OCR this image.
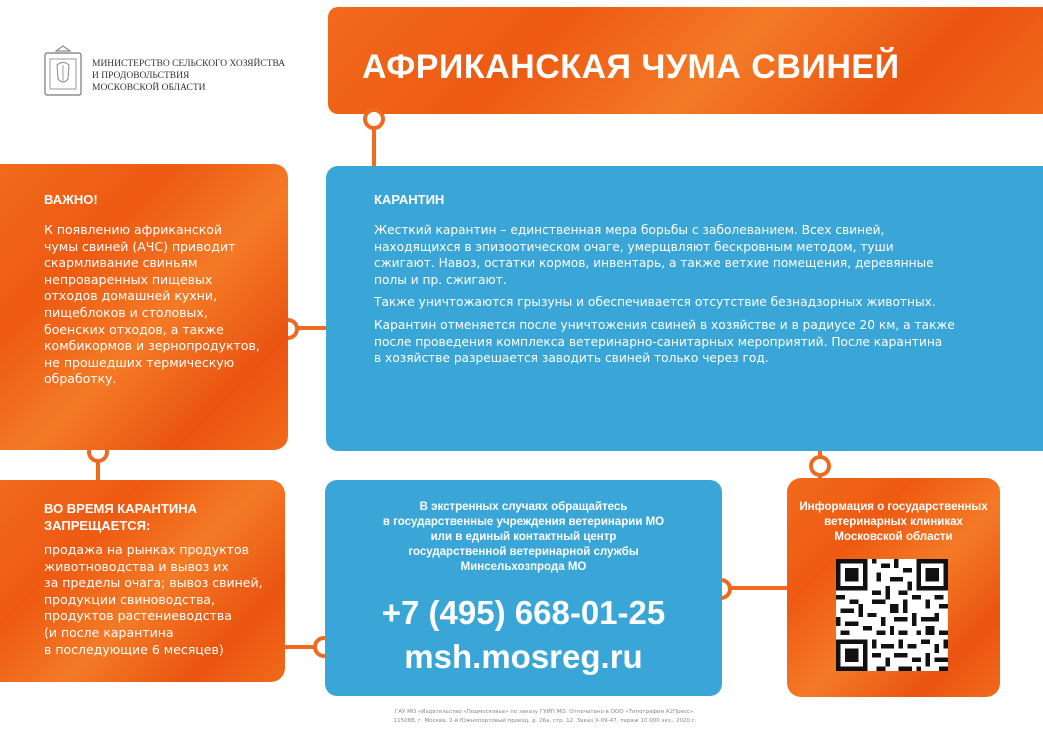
АФРИКАНСКАЯ ЧУМА СВИНЕЙ
МИНИСТЕРСТВО СЕЛЬСКОГО ХОЗЯЙСТВА
И ПРОДОВОЛЬСТВИЯ
МОСКОВСКОЙ ОБЛАСТИ
ВАЖНО!
К появлению африканской
чумы свиней (АЧС) приводит
скармливание свиньям
непроваренных пищевых
отходов домашней кухни,
пищеблоков и столовых,
боенских отходов, а также
комбикормов и зернопродуктов,
не прошедших термическую
обработку.
КАРАНТИН
Жесткий карантин – единственная мера борьбы с заболеванием. Всех свиней,
находящихся в эпизоотическом очаге, умерщвляют бескровным методом, туши
сжигают. Навоз, остатки кормов, инвентарь, а также ветхие помещения, деревянные
полы и пр. сжигают.
Также уничтожаются грызуны и обеспечивается отсутствие безнадзорных животных.
Карантин отменяется после уничтожения свиней в хозяйстве и в радиусе 20 км, а также
после проведения комплекса ветеринарно-санитарных мероприятий. После карантина
в хозяйстве разрешается заводить свиней только через год.
ВО ВРЕМЯ КАРАНТИНА
ЗАПРЕЩАЕТСЯ:
продажа на рынках продуктов
животноводства и вывоз их
за пределы очага; вывоз свиней,
продукции свиноводства,
продуктов растениеводства
(и после карантина
в последующие 6 месяцев)
В экстренных случаях обращайтесь
в государственные учреждения ветеринарии МО
или в единый контактный центр
государственной ветеринарной службы
Минсельхозпрода МО
+7 (495) 668-01-25
msh.mosreg.ru
Информация о государственных
ветеринарных клиниках
Московской области
ГАУ МО «Издательство «Подмосковье» по заказу ГУИП МО. Отпечатано в ООО «Типография А2Пресс».
115088, г. Москва, 2-й Южнопортовый проезд, д. 26а, стр. 12. Заказ Х-09-47, тираж 10 000 экз., 2020 г.
